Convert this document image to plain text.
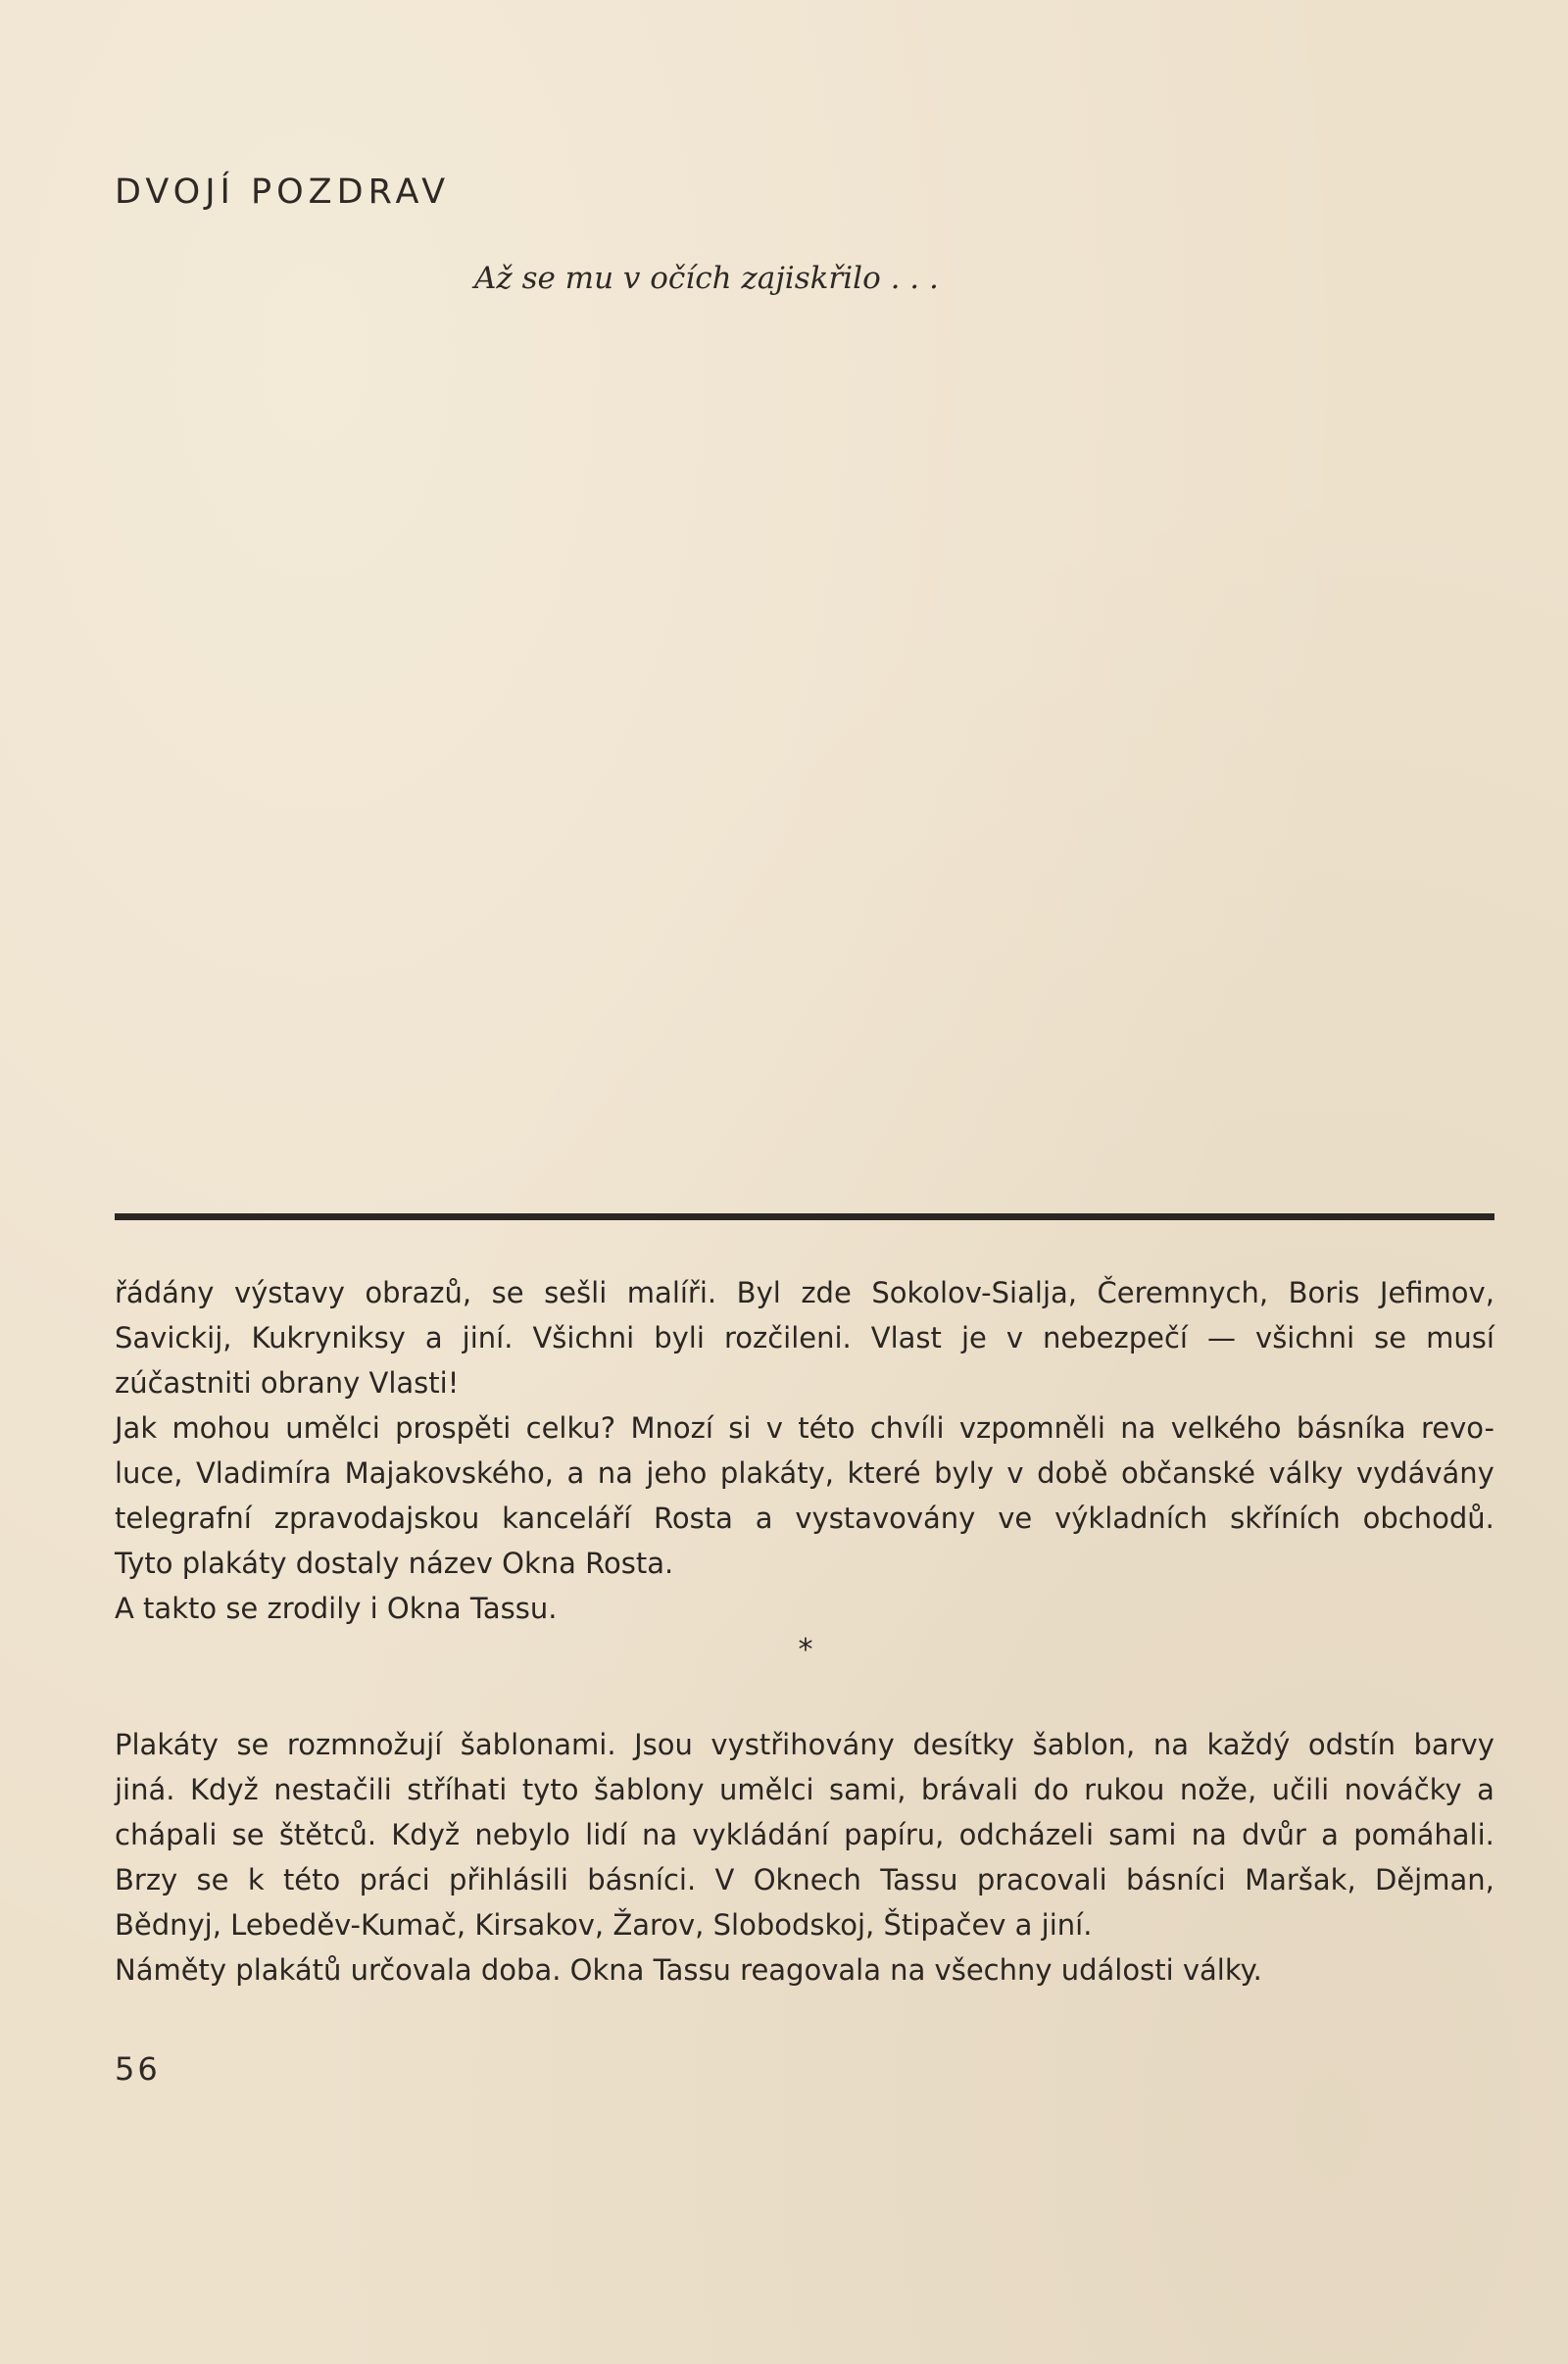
DVOJÍ POZDRAV

Až se mu v očích zajiskřilo . . .

řádány výstavy obrazů, se sešli malíři. Byl zde Sokolov-Sialja, Čeremnych, Boris Jefimov,
Savickij, Kukryniksy a jiní. Všichni byli rozčileni. Vlast je v nebezpečí — všichni se musí
zúčastniti obrany Vlasti!
Jak mohou umělci prospěti celku? Mnozí si v této chvíli vzpomněli na velkého básníka revo-
luce, Vladimíra Majakovského, a na jeho plakáty, které byly v době občanské války vydávány
telegrafní zpravodajskou kanceláří Rosta a vystavovány ve výkladních skříních obchodů.
Tyto plakáty dostaly název Okna Rosta.
A takto se zrodily i Okna Tassu.
*
Plakáty se rozmnožují šablonami. Jsou vystřihovány desítky šablon, na každý odstín barvy
jiná. Když nestačili stříhati tyto šablony umělci sami, brávali do rukou nože, učili nováčky a
chápali se štětců. Když nebylo lidí na vykládání papíru, odcházeli sami na dvůr a pomáhali.
Brzy se k této práci přihlásili básníci. V Oknech Tassu pracovali básníci Maršak, Dějman,
Bědnyj, Lebeděv-Kumač, Kirsakov, Žarov, Slobodskoj, Štipačev a jiní.
Náměty plakátů určovala doba. Okna Tassu reagovala na všechny události války.
56
